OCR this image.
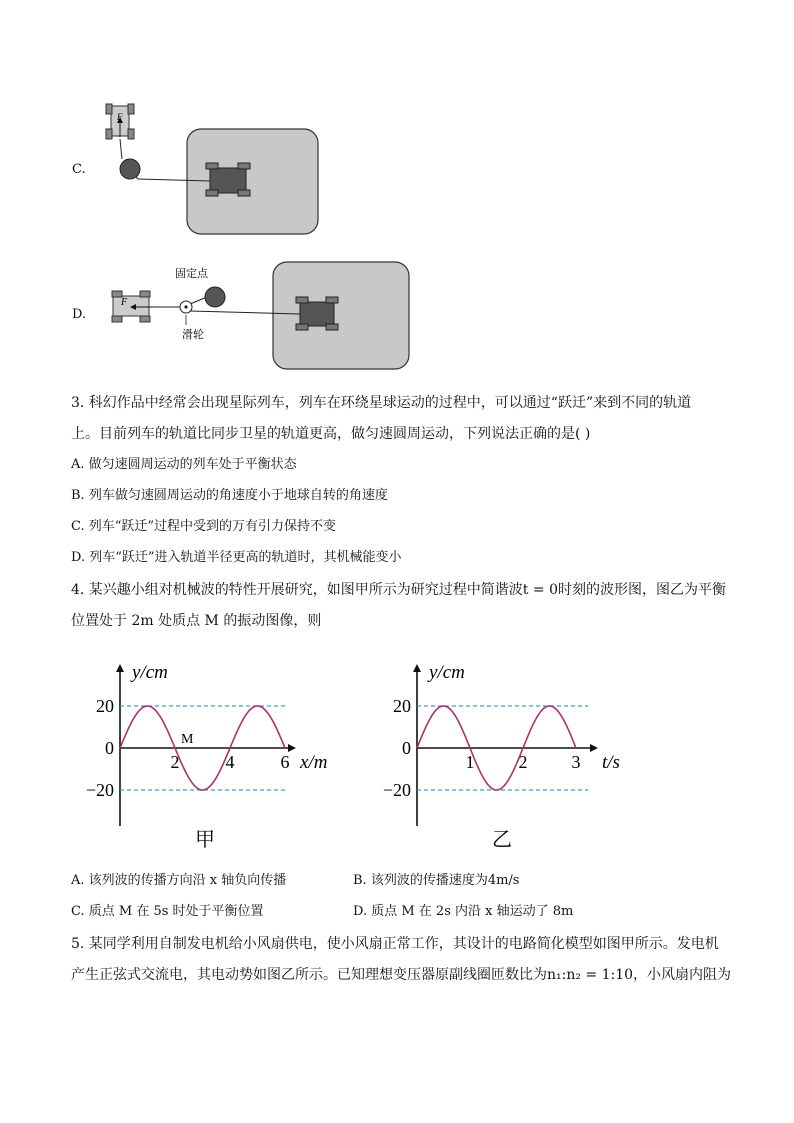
C.
F
D.
F
固定点
滑轮
3. 科幻作品中经常会出现星际列车，列车在环绕星球运动的过程中，可以通过“跃迁”来到不同的轨道
上。目前列车的轨道比同步卫星的轨道更高，做匀速圆周运动，下列说法正确的是( )
A. 做匀速圆周运动的列车处于平衡状态
B. 列车做匀速圆周运动的角速度小于地球自转的角速度
C. 列车“跃迁”过程中受到的万有引力保持不变
D. 列车“跃迁”进入轨道半径更高的轨道时，其机械能变小
4. 某兴趣小组对机械波的特性开展研究，如图甲所示为研究过程中简谐波t = 0时刻的波形图，图乙为平衡
位置处于 2m 处质点 M 的振动图像，则
20
0
−20
2	4	6
y/cm
x/m
甲
M
20
0
−20
1 2 3
y/cm
t/s
乙
A. 该列波的传播方向沿 x 轴负向传播	B. 该列波的传播速度为4m/s
C. 质点 M 在 5s 时处于平衡位置	D. 质点 M 在 2s 内沿 x 轴运动了 8m
5. 某同学利用自制发电机给小风扇供电，使小风扇正常工作，其设计的电路简化模型如图甲所示。发电机
产生正弦式交流电，其电动势如图乙所示。已知理想变压器原副线圈匝数比为n₁:n₂ = 1:10，小风扇内阻为
